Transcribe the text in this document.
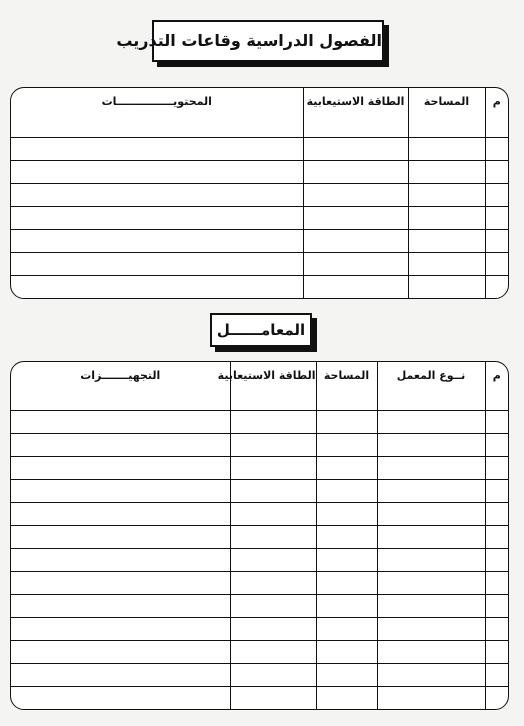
الفصول الدراسية وقاعات التدريب
م	المساحة	الطاقة الاستيعابية	المحتويـــــــــــــــات

المعامــــــل
م	نــوع المعمل	المساحة	الطاقة الاستيعابية	التجهيـــــــزات
